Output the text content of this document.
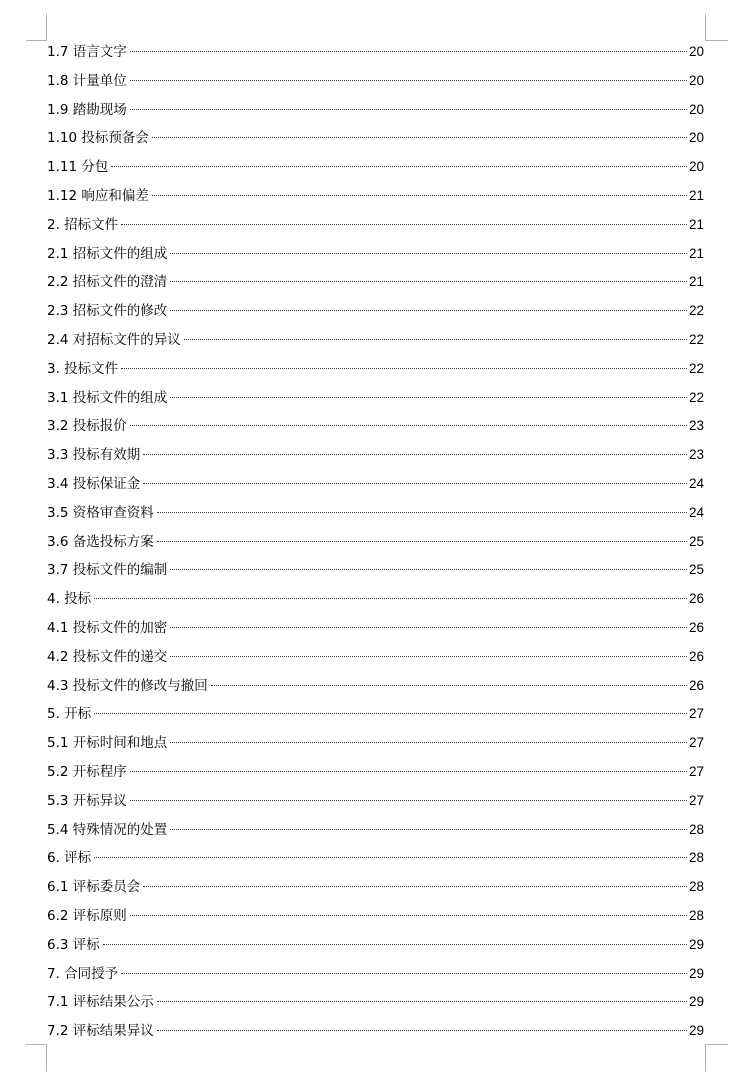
1.7 语言文字	20
1.8 计量单位	20
1.9 踏勘现场	20
1.10 投标预备会	20
1.11 分包	20
1.12 响应和偏差	21
2. 招标文件	21
2.1 招标文件的组成	21
2.2 招标文件的澄清	21
2.3 招标文件的修改	22
2.4 对招标文件的异议	22
3. 投标文件	22
3.1 投标文件的组成	22
3.2 投标报价	23
3.3 投标有效期	23
3.4 投标保证金	24
3.5 资格审查资料	24
3.6 备选投标方案	25
3.7 投标文件的编制	25
4. 投标	26
4.1 投标文件的加密	26
4.2 投标文件的递交	26
4.3 投标文件的修改与撤回	26
5. 开标	27
5.1 开标时间和地点	27
5.2 开标程序	27
5.3 开标异议	27
5.4 特殊情况的处置	28
6. 评标	28
6.1 评标委员会	28
6.2 评标原则	28
6.3 评标	29
7. 合同授予	29
7.1 评标结果公示	29
7.2 评标结果异议	29
